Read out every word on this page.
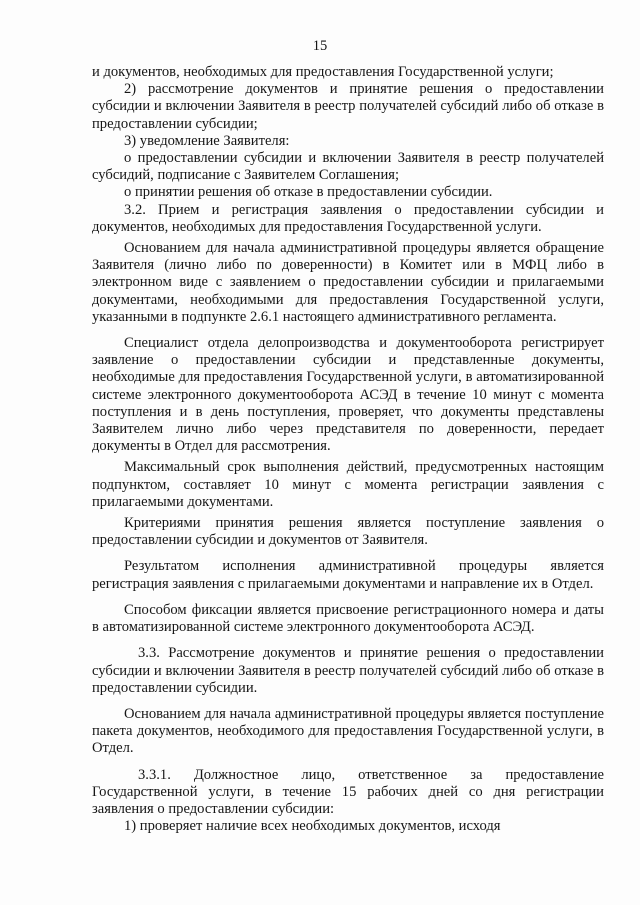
15

и документов, необходимых для предоставления Государственной услуги;

2) рассмотрение документов и принятие решения о предоставлении субсидии и включении Заявителя в реестр получателей субсидий либо об отказе в предоставлении субсидии;

3) уведомление Заявителя:

о предоставлении субсидии и включении Заявителя в реестр получателей субсидий, подписание с Заявителем Соглашения;

о принятии решения об отказе в предоставлении субсидии.

3.2. Прием и регистрация заявления о предоставлении субсидии и документов, необходимых для предоставления Государственной услуги.

Основанием для начала административной процедуры является обращение Заявителя (лично либо по доверенности) в Комитет или в МФЦ либо в электронном виде с заявлением о предоставлении субсидии и прилагаемыми документами, необходимыми для предоставления Государственной услуги, указанными в подпункте 2.6.1 настоящего административного регламента.

Специалист отдела делопроизводства и документооборота регистрирует заявление о предоставлении субсидии и представленные документы, необходимые для предоставления Государственной услуги, в автоматизированной системе электронного документооборота АСЭД в течение 10 минут с момента поступления и в день поступления, проверяет, что документы представлены Заявителем лично либо через представителя по доверенности, передает документы в Отдел для рассмотрения.

Максимальный срок выполнения действий, предусмотренных настоящим подпунктом, составляет 10 минут с момента регистрации заявления с прилагаемыми документами.

Критериями принятия решения является поступление заявления о предоставлении субсидии и документов от Заявителя.

Результатом исполнения административной процедуры является регистрация заявления с прилагаемыми документами и направление их в Отдел.

Способом фиксации является присвоение регистрационного номера и даты в автоматизированной системе электронного документооборота АСЭД.

3.3. Рассмотрение документов и принятие решения о предоставлении субсидии и включении Заявителя в реестр получателей субсидий либо об отказе в предоставлении субсидии.

Основанием для начала административной процедуры является поступление пакета документов, необходимого для предоставления Государственной услуги, в Отдел.

3.3.1. Должностное лицо, ответственное за предоставление Государственной услуги, в течение 15 рабочих дней со дня регистрации заявления о предоставлении субсидии:

1) проверяет наличие всех необходимых документов, исходя
